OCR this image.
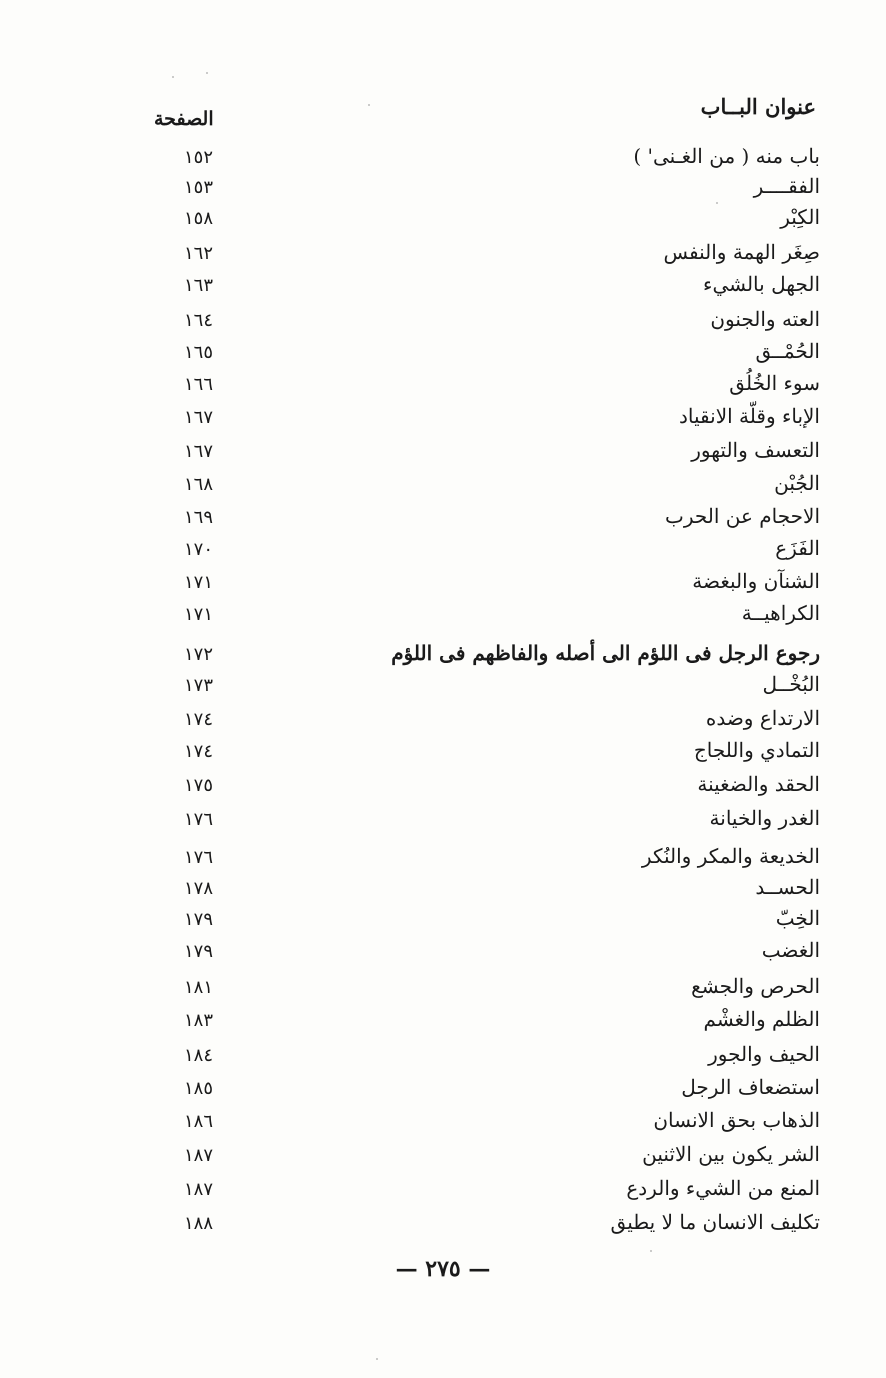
عنوان البــاب
الصفحة
باب منه ( من الغـنى' )
١٥٢
الفقــــر
١٥٣
الكِبْر
١٥٨
صِغَر الهمة والنفس
١٦٢
الجهل بالشيء
١٦٣
العته والجنون
١٦٤
الحُمْــق
١٦٥
سوء الخُلُق
١٦٦
الإباء وقلّة الانقياد
١٦٧
التعسف والتهور
١٦٧
الجُبْن
١٦٨
الاحجام عن الحرب
١٦٩
الفَزَع
١٧٠
الشنآن والبغضة
١٧١
الكراهيــة
١٧١
رجوع الرجل فى اللؤم الى أصله والفاظهم فى اللؤم
١٧٢
البُخْــل
١٧٣
الارتداع وضده
١٧٤
التمادي واللجاج
١٧٤
الحقد والضغينة
١٧٥
الغدر والخيانة
١٧٦
الخديعة والمكر والنُكر
١٧٦
الحســد
١٧٨
الخِبّ
١٧٩
الغضب
١٧٩
الحرص والجشع
١٨١
الظلم والغشْم
١٨٣
الحيف والجور
١٨٤
استضعاف الرجل
١٨٥
الذهاب بحق الانسان
١٨٦
الشر يكون بين الاثنين
١٨٧
المنع من الشيء والردع
١٨٧
تكليف الانسان ما لا يطيق
١٨٨
— ٢٧٥ —
